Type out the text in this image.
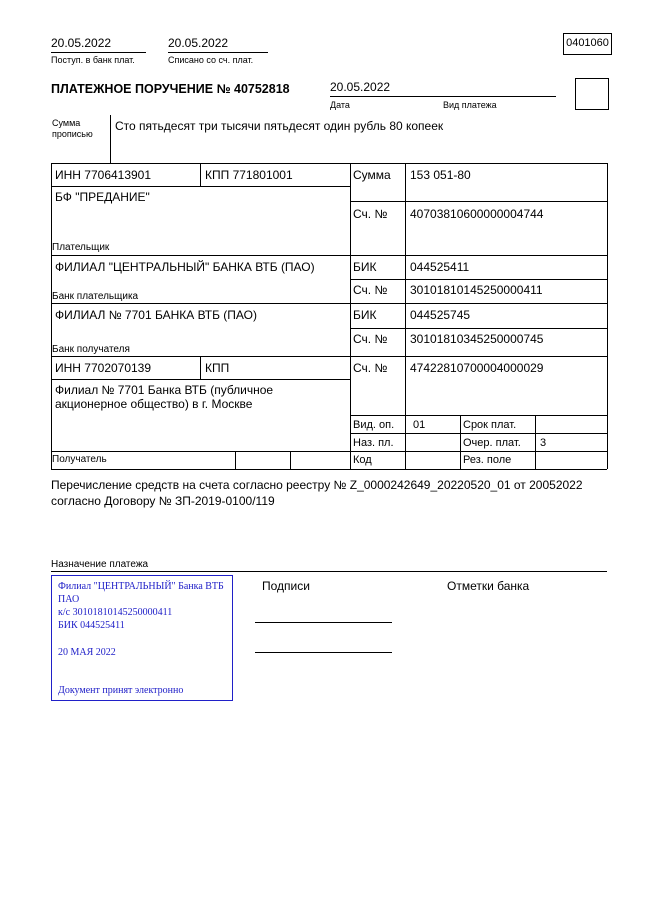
20.05.2022	20.05.2022
Поступ. в банк плат.	Списано со сч. плат.
0401060
ПЛАТЕЖНОЕ ПОРУЧЕНИЕ № 40752818	20.05.2022
Дата	Вид платежа
Сумма прописью
Сто пятьдесят три тысячи пятьдесят один рубль 80 копеек
ИНН 7706413901	КПП 771801001	Сумма 153 051-80
БФ "ПРЕДАНИЕ"
Сч. № 40703810600000004744
Плательщик
ФИЛИАЛ "ЦЕНТРАЛЬНЫЙ" БАНКА ВТБ (ПАО)	БИК	044525411
Сч. № 30101810145250000411
Банк плательщика
ФИЛИАЛ № 7701 БАНКА ВТБ (ПАО)	БИК	044525745
Сч. № 30101810345250000745
Банк получателя
ИНН 7702070139	КПП	Сч. № 47422810700004000029
Филиал № 7701 Банка ВТБ (публичное акционерное общество) в г. Москве
Вид. оп. 01	Срок плат.
Наз. пл.	Очер. плат. 3
Получатель	Код	Рез. поле
Перечисление средств на счета согласно реестру № Z_0000242649_20220520_01 от 20052022 согласно Договору № ЗП-2019-0100/119
Назначение платежа
Филиал "ЦЕНТРАЛЬНЫЙ" Банка ВТБ ПАО
к/с 30101810145250000411
БИК 044525411
20 МАЯ 2022
Документ принят электронно
Подписи	Отметки банка
